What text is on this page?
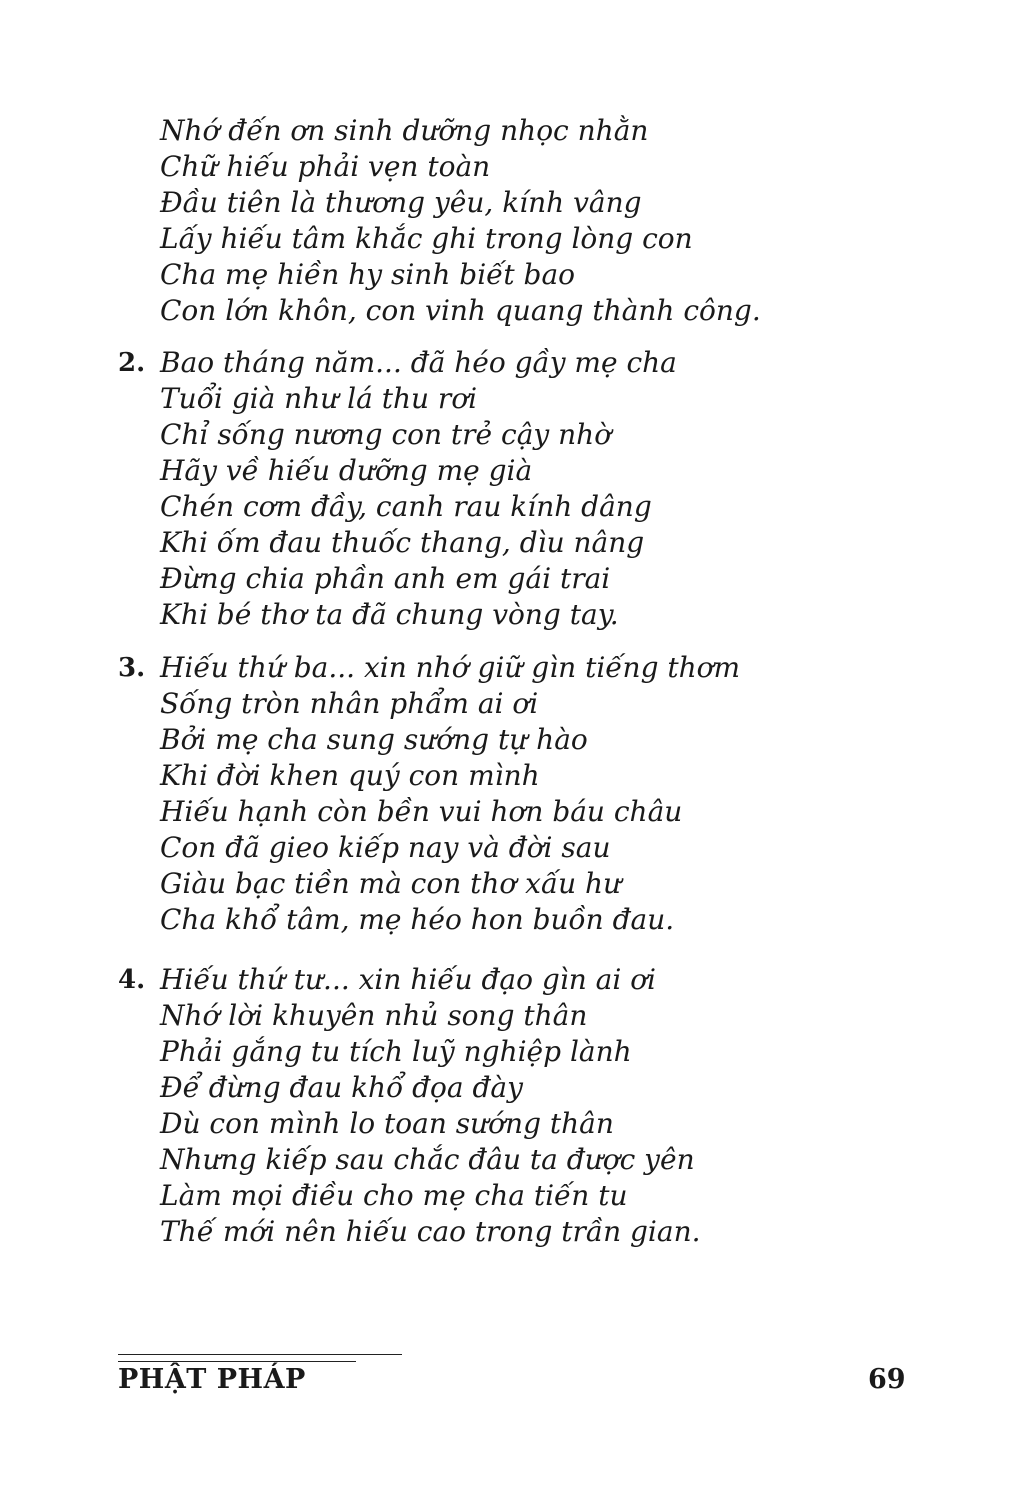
Nhớ đến ơn sinh dưỡng nhọc nhằn
Chữ hiếu phải vẹn toàn
Đầu tiên là thương yêu, kính vâng
Lấy hiếu tâm khắc ghi trong lòng con
Cha mẹ hiền hy sinh biết bao
Con lớn khôn, con vinh quang thành công.
2. Bao tháng năm... đã héo gầy mẹ cha
Tuổi già như lá thu rơi
Chỉ sống nương con trẻ cậy nhờ
Hãy về hiếu dưỡng mẹ già
Chén cơm đầy, canh rau kính dâng
Khi ốm đau thuốc thang, dìu nâng
Đừng chia phần anh em gái trai
Khi bé thơ ta đã chung vòng tay.
3. Hiếu thứ ba... xin nhớ giữ gìn tiếng thơm
Sống tròn nhân phẩm ai ơi
Bởi mẹ cha sung sướng tự hào
Khi đời khen quý con mình
Hiếu hạnh còn bền vui hơn báu châu
Con đã gieo kiếp nay và đời sau
Giàu bạc tiền mà con thơ xấu hư
Cha khổ tâm, mẹ héo hon buồn đau.
4. Hiếu thứ tư... xin hiếu đạo gìn ai ơi
Nhớ lời khuyên nhủ song thân
Phải gắng tu tích luỹ nghiệp lành
Để đừng đau khổ đọa đày
Dù con mình lo toan sướng thân
Nhưng kiếp sau chắc đâu ta được yên
Làm mọi điều cho mẹ cha tiến tu
Thế mới nên hiếu cao trong trần gian.
PHẬT PHÁP	69
